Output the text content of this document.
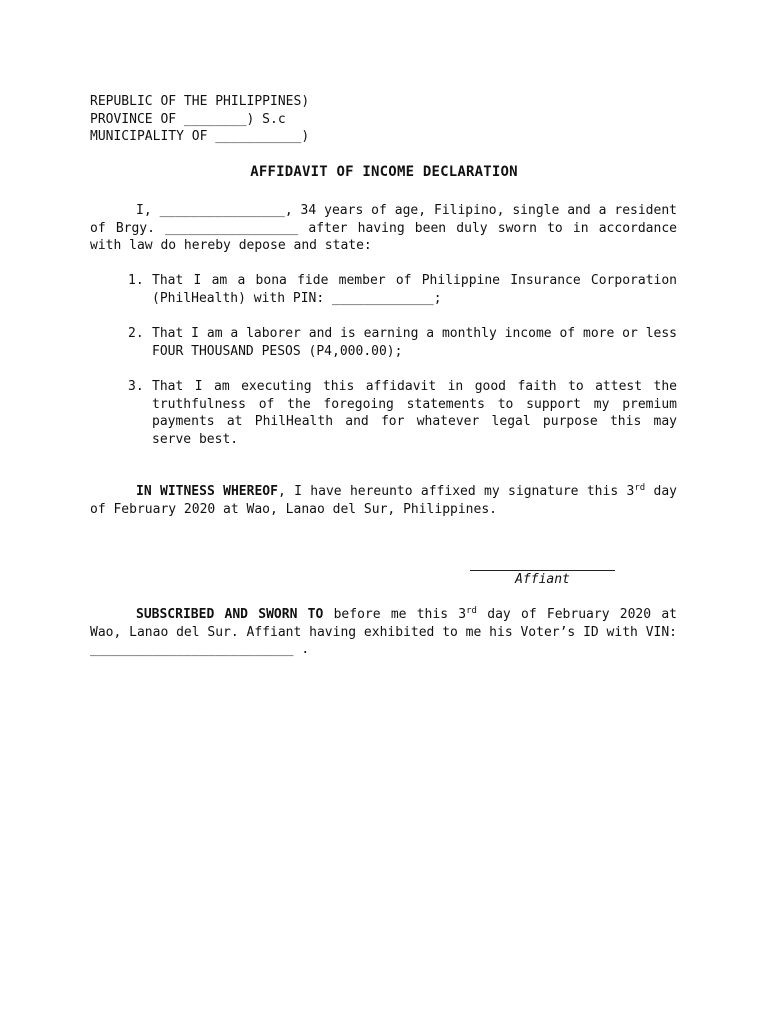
REPUBLIC OF THE PHILIPPINES)
PROVINCE OF ________) S.c
MUNICIPALITY OF ___________)
AFFIDAVIT OF INCOME DECLARATION
I, ________________, 34 years of age, Filipino, single and a resident of Brgy. _________________ after having been duly sworn to in accordance with law do hereby depose and state:
1. That I am a bona fide member of Philippine Insurance Corporation (PhilHealth) with PIN: _____________;
2. That I am a laborer and is earning a monthly income of more or less FOUR THOUSAND PESOS (P4,000.00);
3. That I am executing this affidavit in good faith to attest the truthfulness of the foregoing statements to support my premium payments at PhilHealth and for whatever legal purpose this may serve best.
IN WITNESS WHEREOF, I have hereunto affixed my signature this 3rd day of February 2020 at Wao, Lanao del Sur, Philippines.
Affiant
SUBSCRIBED AND SWORN TO before me this 3rd day of February 2020 at Wao, Lanao del Sur. Affiant having exhibited to me his Voter’s ID with VIN: __________________________ .
